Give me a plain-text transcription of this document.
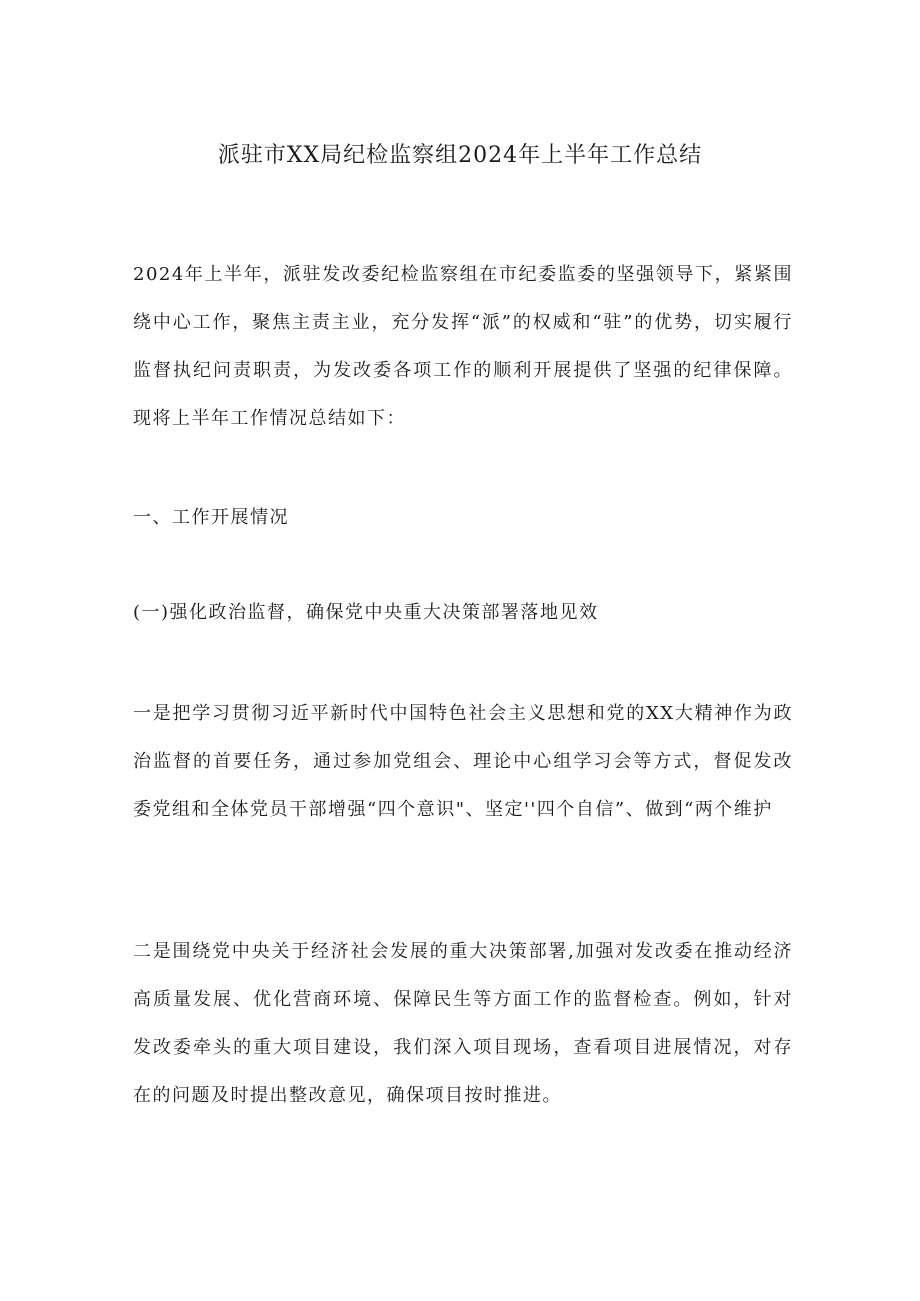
派驻市XX局纪检监察组2024年上半年工作总结

2024年上半年，派驻发改委纪检监察组在市纪委监委的坚强领导下，紧紧围绕中心工作，聚焦主责主业，充分发挥“派”的权威和“驻”的优势，切实履行监督执纪问责职责，为发改委各项工作的顺利开展提供了坚强的纪律保障。现将上半年工作情况总结如下：

一、工作开展情况
(一)强化政治监督，确保党中央重大决策部署落地见效

一是把学习贯彻习近平新时代中国特色社会主义思想和党的XX大精神作为政治监督的首要任务，通过参加党组会、理论中心组学习会等方式，督促发改委党组和全体党员干部增强“四个意识"、坚定''四个自信”、做到“两个维护

二是围绕党中央关于经济社会发展的重大决策部署,加强对发改委在推动经济高质量发展、优化营商环境、保障民生等方面工作的监督检查。例如，针对发改委牵头的重大项目建设，我们深入项目现场，查看项目进展情况，对存在的问题及时提出整改意见，确保项目按时推进。
